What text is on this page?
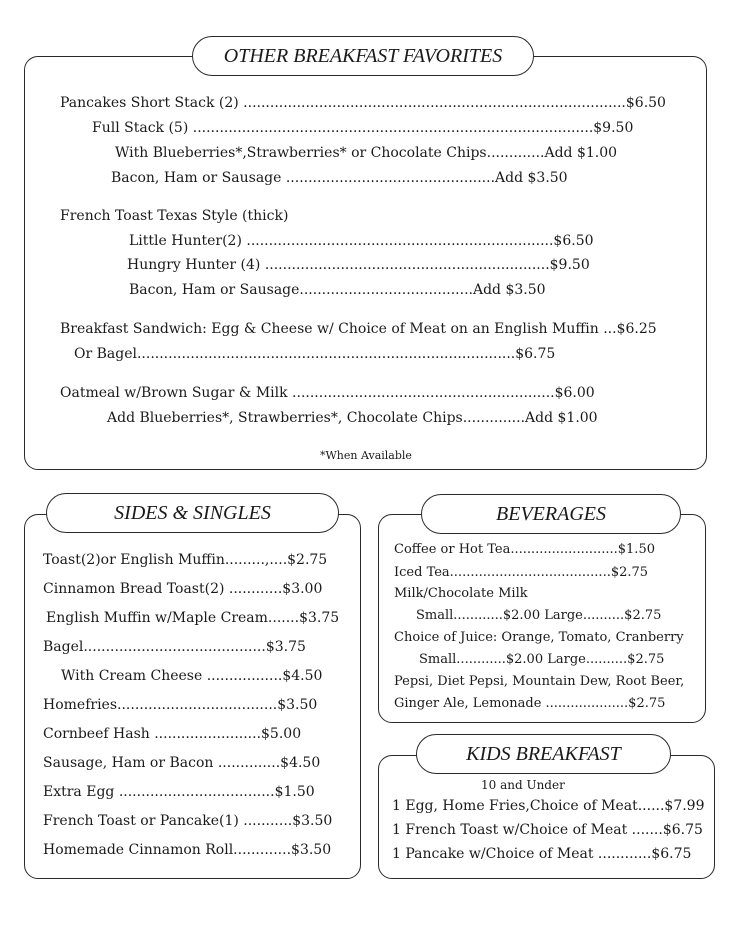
OTHER BREAKFAST FAVORITES
Pancakes Short Stack (2) ......................................................................................$6.50
Full Stack (5) ..........................................................................................$9.50
With Blueberries*,Strawberries* or Chocolate Chips.............Add $1.00
Bacon, Ham or Sausage ...............................................Add $3.50
French Toast Texas Style (thick)
Little Hunter(2) .....................................................................$6.50
Hungry Hunter (4) ................................................................$9.50
Bacon, Ham or Sausage.......................................Add $3.50
Breakfast Sandwich: Egg & Cheese w/ Choice of Meat on an English Muffin ...$6.25
Or Bagel.....................................................................................$6.75
Oatmeal w/Brown Sugar & Milk ...........................................................$6.00
Add Blueberries*, Strawberries*, Chocolate Chips..............Add $1.00
*When Available
SIDES & SINGLES
Toast(2)or English Muffin.........,....$2.75
Cinnamon Bread Toast(2) ............$3.00
English Muffin w/Maple Cream.......$3.75
Bagel.........................................$3.75
With Cream Cheese .................$4.50
Homefries....................................$3.50
Cornbeef Hash ........................$5.00
Sausage, Ham or Bacon ..............$4.50
Extra Egg ...................................$1.50
French Toast or Pancake(1) ...........$3.50
Homemade Cinnamon Roll.............$3.50
BEVERAGES
Coffee or Hot Tea..........................$1.50
Iced Tea.......................................$2.75
Milk/Chocolate Milk
Small............$2.00 Large..........$2.75
Choice of Juice: Orange, Tomato, Cranberry
Small............$2.00 Large..........$2.75
Pepsi, Diet Pepsi, Mountain Dew, Root Beer,
Ginger Ale, Lemonade ....................$2.75
KIDS BREAKFAST
10 and Under
1 Egg, Home Fries,Choice of Meat......$7.99
1 French Toast w/Choice of Meat .......$6.75
1 Pancake w/Choice of Meat ............$6.75
